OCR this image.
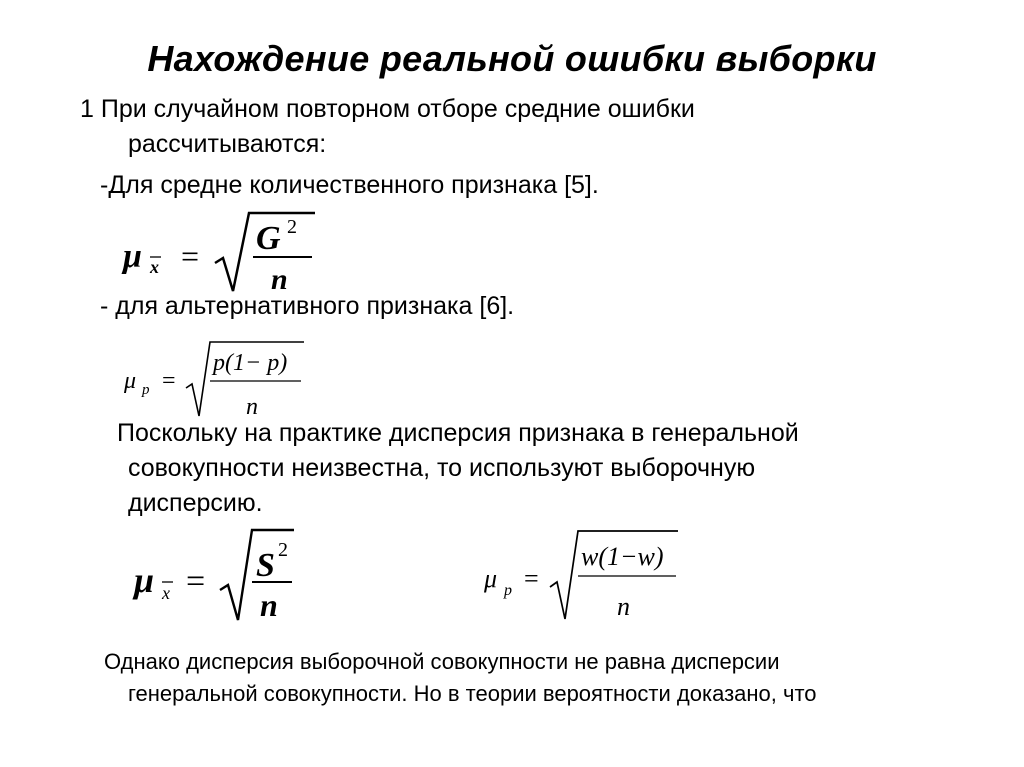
Нахождение реальной ошибки выборки
1 При случайном повторном отборе средние ошибки
рассчитываются:
-Для средне количественного признака [5].
μ x = G 2
n
- для альтернативного признака [6].
μ p =
p(1− p)
n
Поскольку на практике дисперсия признака в генеральной
совокупности неизвестна, то используют выборочную
дисперсию.
μ x = S 2
n
μ p =
w(1−w)
n
Однако дисперсия выборочной совокупности не равна дисперсии
генеральной совокупности. Но в теории вероятности доказано, что
